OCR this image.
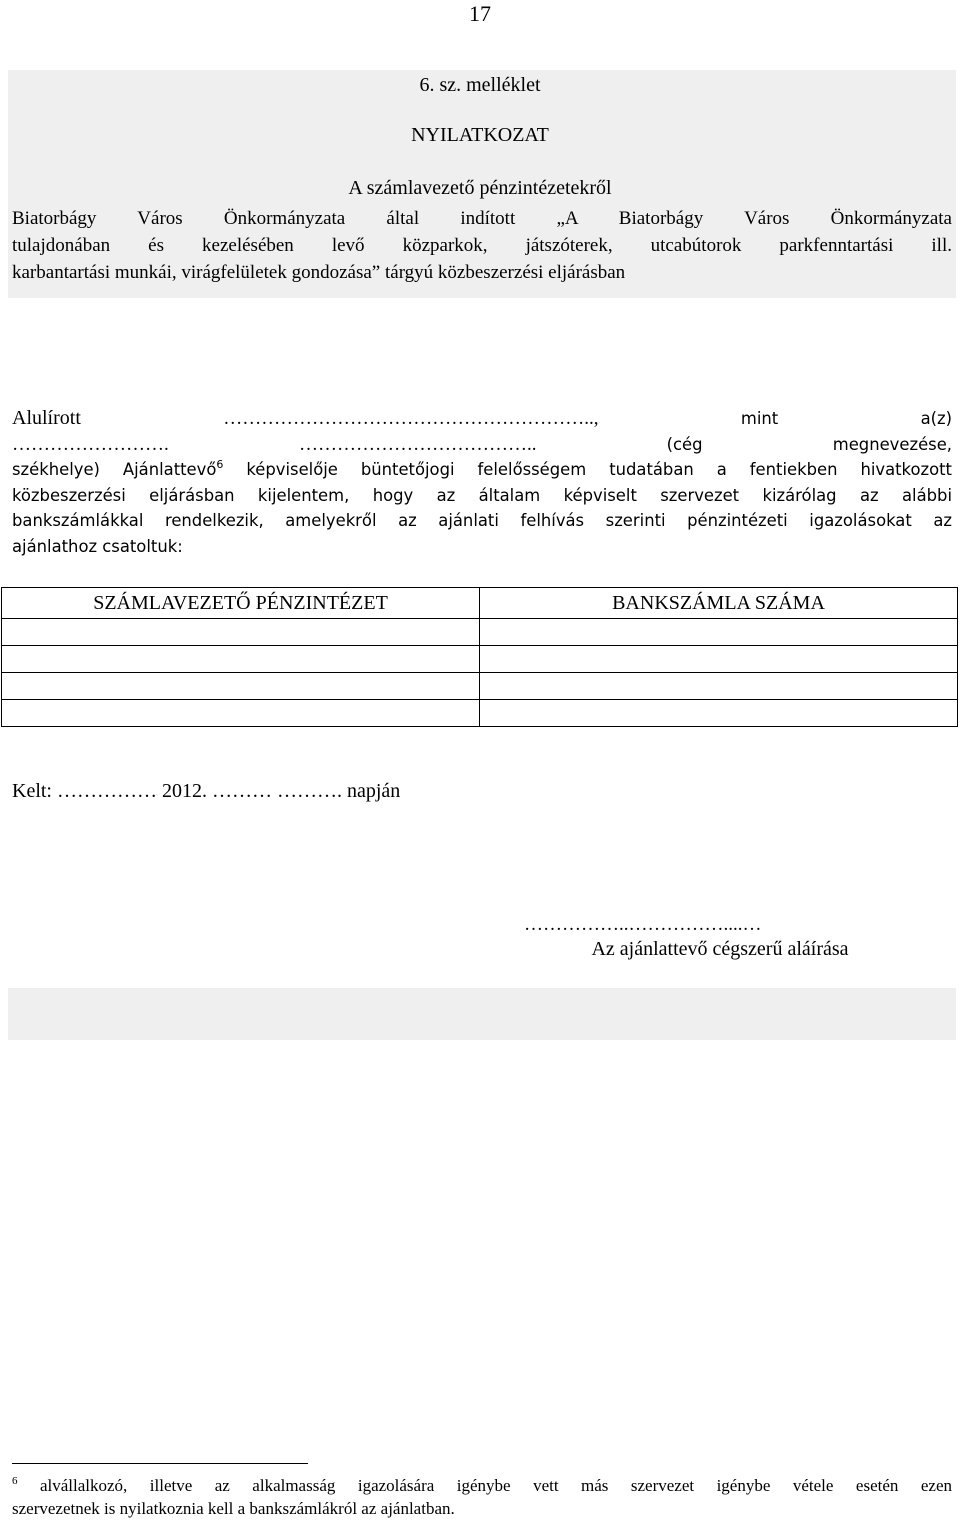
17
6. sz. melléklet
NYILATKOZAT
A számlavezető pénzintézetekről
Biatorbágy Város Önkormányzata által indított „A Biatorbágy Város Önkormányzata
tulajdonában és kezelésében levő közparkok, játszóterek, utcabútorok parkfenntartási ill.
karbantartási munkái, virágfelületek gondozása” tárgyú közbeszerzési eljárásban
Alulírott	…………………………………………………..,	mint	a(z)
…………………….	………………………………..	(cég megnevezése,
székhelye) Ajánlattevő$^6$ képviselője büntetőjogi felelősségem tudatában a fentiekben hivatkozott
közbeszerzési eljárásban kijelentem, hogy az általam képviselt szervezet kizárólag az alábbi
bankszámlákkal rendelkezik, amelyekről az ajánlati felhívás szerinti pénzintézeti igazolásokat az
ajánlathoz csatoltuk:
SZÁMLAVEZETŐ PÉNZINTÉZET	BANKSZÁMLA SZÁMA

Kelt: …………… 2012. ……… ………. napján
……………..……………....…
Az ajánlattevő cégszerű aláírása
$^6$ alvállalkozó, illetve az alkalmasság igazolására igénybe vett más szervezet igénybe vétele esetén ezen
szervezetnek is nyilatkoznia kell a bankszámlákról az ajánlatban.
